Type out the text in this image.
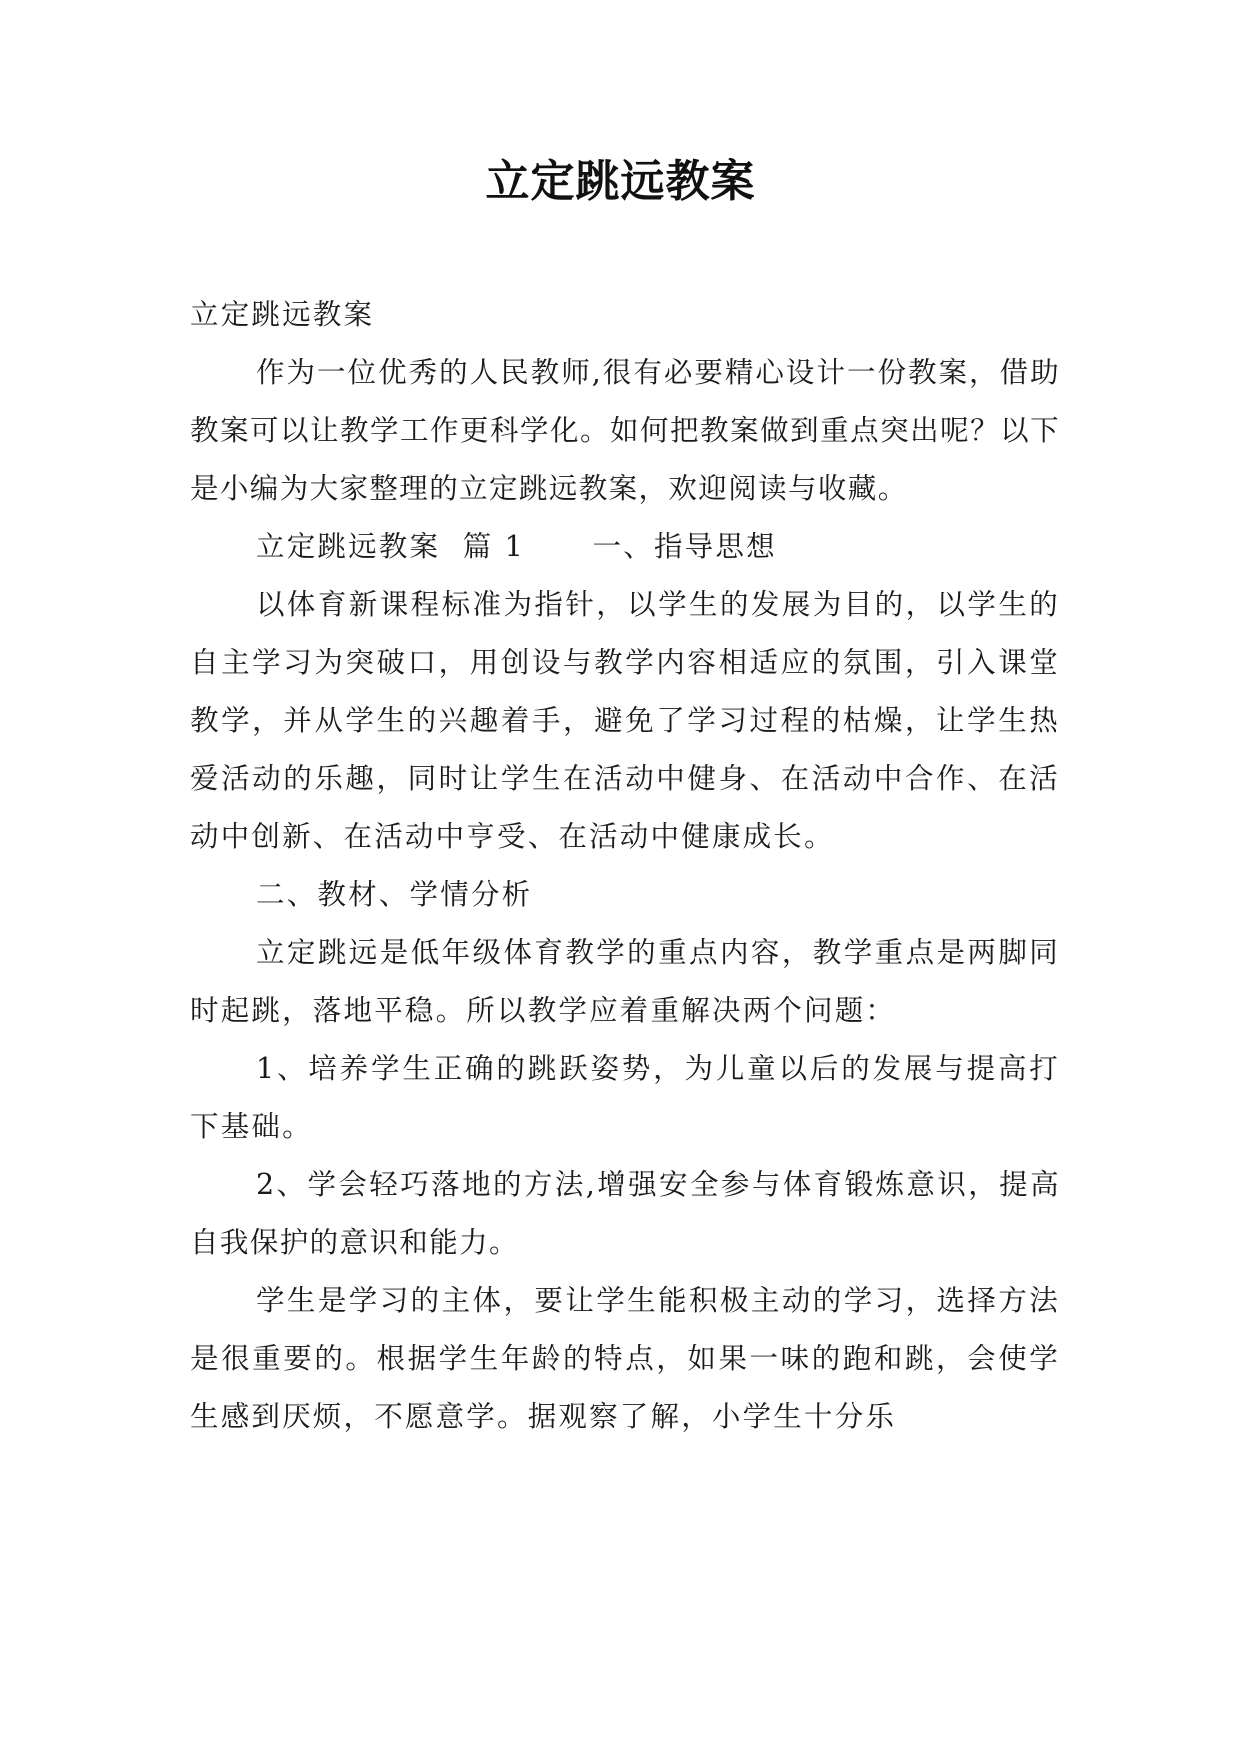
立定跳远教案

立定跳远教案

作为一位优秀的人民教师,很有必要精心设计一份教案，借助教案可以让教学工作更科学化。如何把教案做到重点突出呢？以下是小编为大家整理的立定跳远教案，欢迎阅读与收藏。

立定跳远教案  篇 1      一、指导思想

以体育新课程标准为指针，以学生的发展为目的，以学生的自主学习为突破口，用创设与教学内容相适应的氛围，引入课堂教学，并从学生的兴趣着手，避免了学习过程的枯燥，让学生热爱活动的乐趣，同时让学生在活动中健身、在活动中合作、在活动中创新、在活动中亨受、在活动中健康成长。

二、教材、学情分析

立定跳远是低年级体育教学的重点内容，教学重点是两脚同时起跳，落地平稳。所以教学应着重解决两个问题：

1、培养学生正确的跳跃姿势，为儿童以后的发展与提高打下基础。

2、学会轻巧落地的方法,增强安全参与体育锻炼意识，提高自我保护的意识和能力。

学生是学习的主体，要让学生能积极主动的学习，选择方法是很重要的。根据学生年龄的特点，如果一味的跑和跳，会使学生感到厌烦，不愿意学。据观察了解，小学生十分乐
